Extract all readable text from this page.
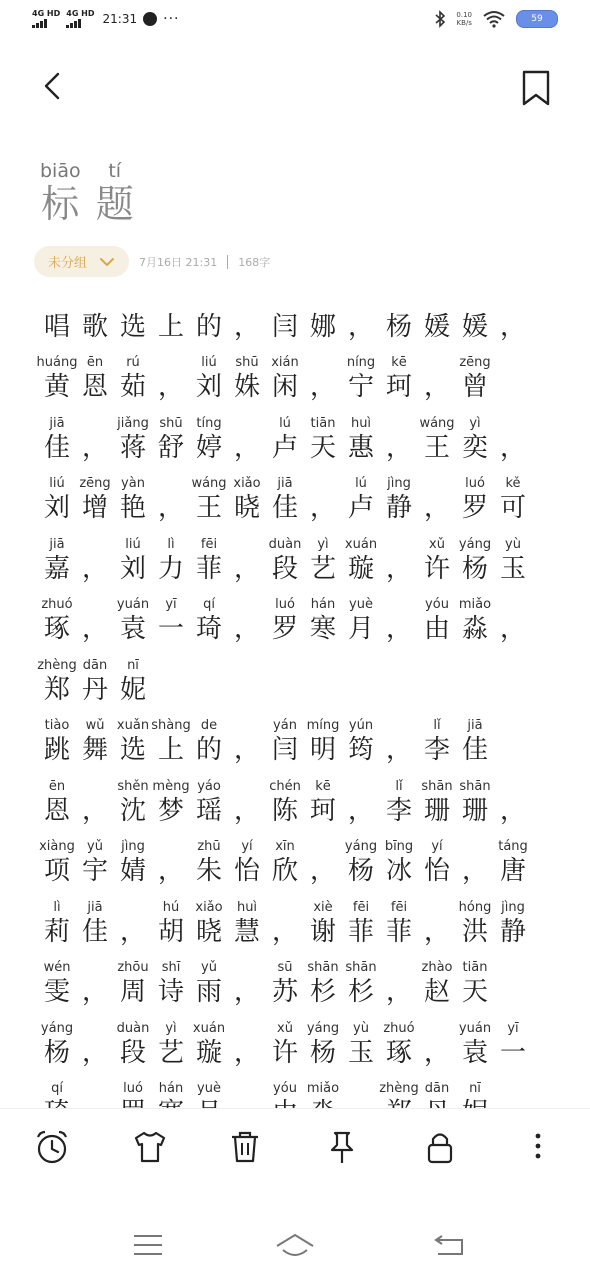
4G HD 4G HD 21:31 ···	0.10
KB/s	59
biāo
标

tí
题
未分组	7月16日 21:31 168字
唱 歌 选 上 的 ， 闫 娜 ， 杨 媛 媛 ，
huáng
黄
ēn
恩
rú
茹 ，
liú
刘
shū
姝
xián
闲 ，
níng
宁
kē
珂 ，
zēng
曾
jiā
佳 ，
jiǎng
蒋
shū
舒
tíng
婷 ，
lú
卢
tiān
天
huì
惠 ，
wáng
王
yì
奕 ，
liú
刘
zēng
增
yàn
艳 ，
wáng
王
xiǎo
晓
jiā
佳 ，
lú
卢
jìng
静 ，
luó
罗
kě
可
jiā
嘉 ，
liú
刘
lì
力
fēi
菲 ，
duàn
段
yì
艺
xuán
璇 ，
xǔ
许
yáng
杨
yù
玉
zhuó
琢 ，
yuán
袁
yī
一
qí
琦 ，
luó
罗
hán
寒
yuè
月 ，
yóu
由
miǎo
淼 ，
zhèng
郑
dān
丹
nī
妮
tiào
跳
wǔ
舞
xuǎn
选
shàng
上
de
的 ，
yán
闫
míng
明
yún
筠 ，
lǐ
李
jiā
佳
ēn
恩 ，
shěn
沈
mèng
梦
yáo
瑶 ，
chén
陈
kē
珂 ，
lǐ
李
shān
珊
shān
珊 ，
xiàng
项
yǔ
宇
jìng
婧 ，
zhū
朱
yí
怡
xīn
欣 ，
yáng
杨
bīng
冰
yí
怡 ，
táng
唐
lì
莉
jiā
佳 ，
hú
胡
xiǎo
晓
huì
慧 ，
xiè
谢
fēi
菲
fēi
菲 ，
hóng
洪
jìng
静
wén
雯 ，
zhōu
周
shī
诗
yǔ
雨 ，
sū
苏
shān
杉
shān
杉 ，
zhào
赵
tiān
天
yáng
杨 ，
duàn
段
yì
艺
xuán
璇 ，
xǔ
许
yáng
杨
yù
玉
zhuó
琢 ，
yuán
袁
yī
一
qí	luó hán yuè	yóu miǎo	zhèng dān nī
